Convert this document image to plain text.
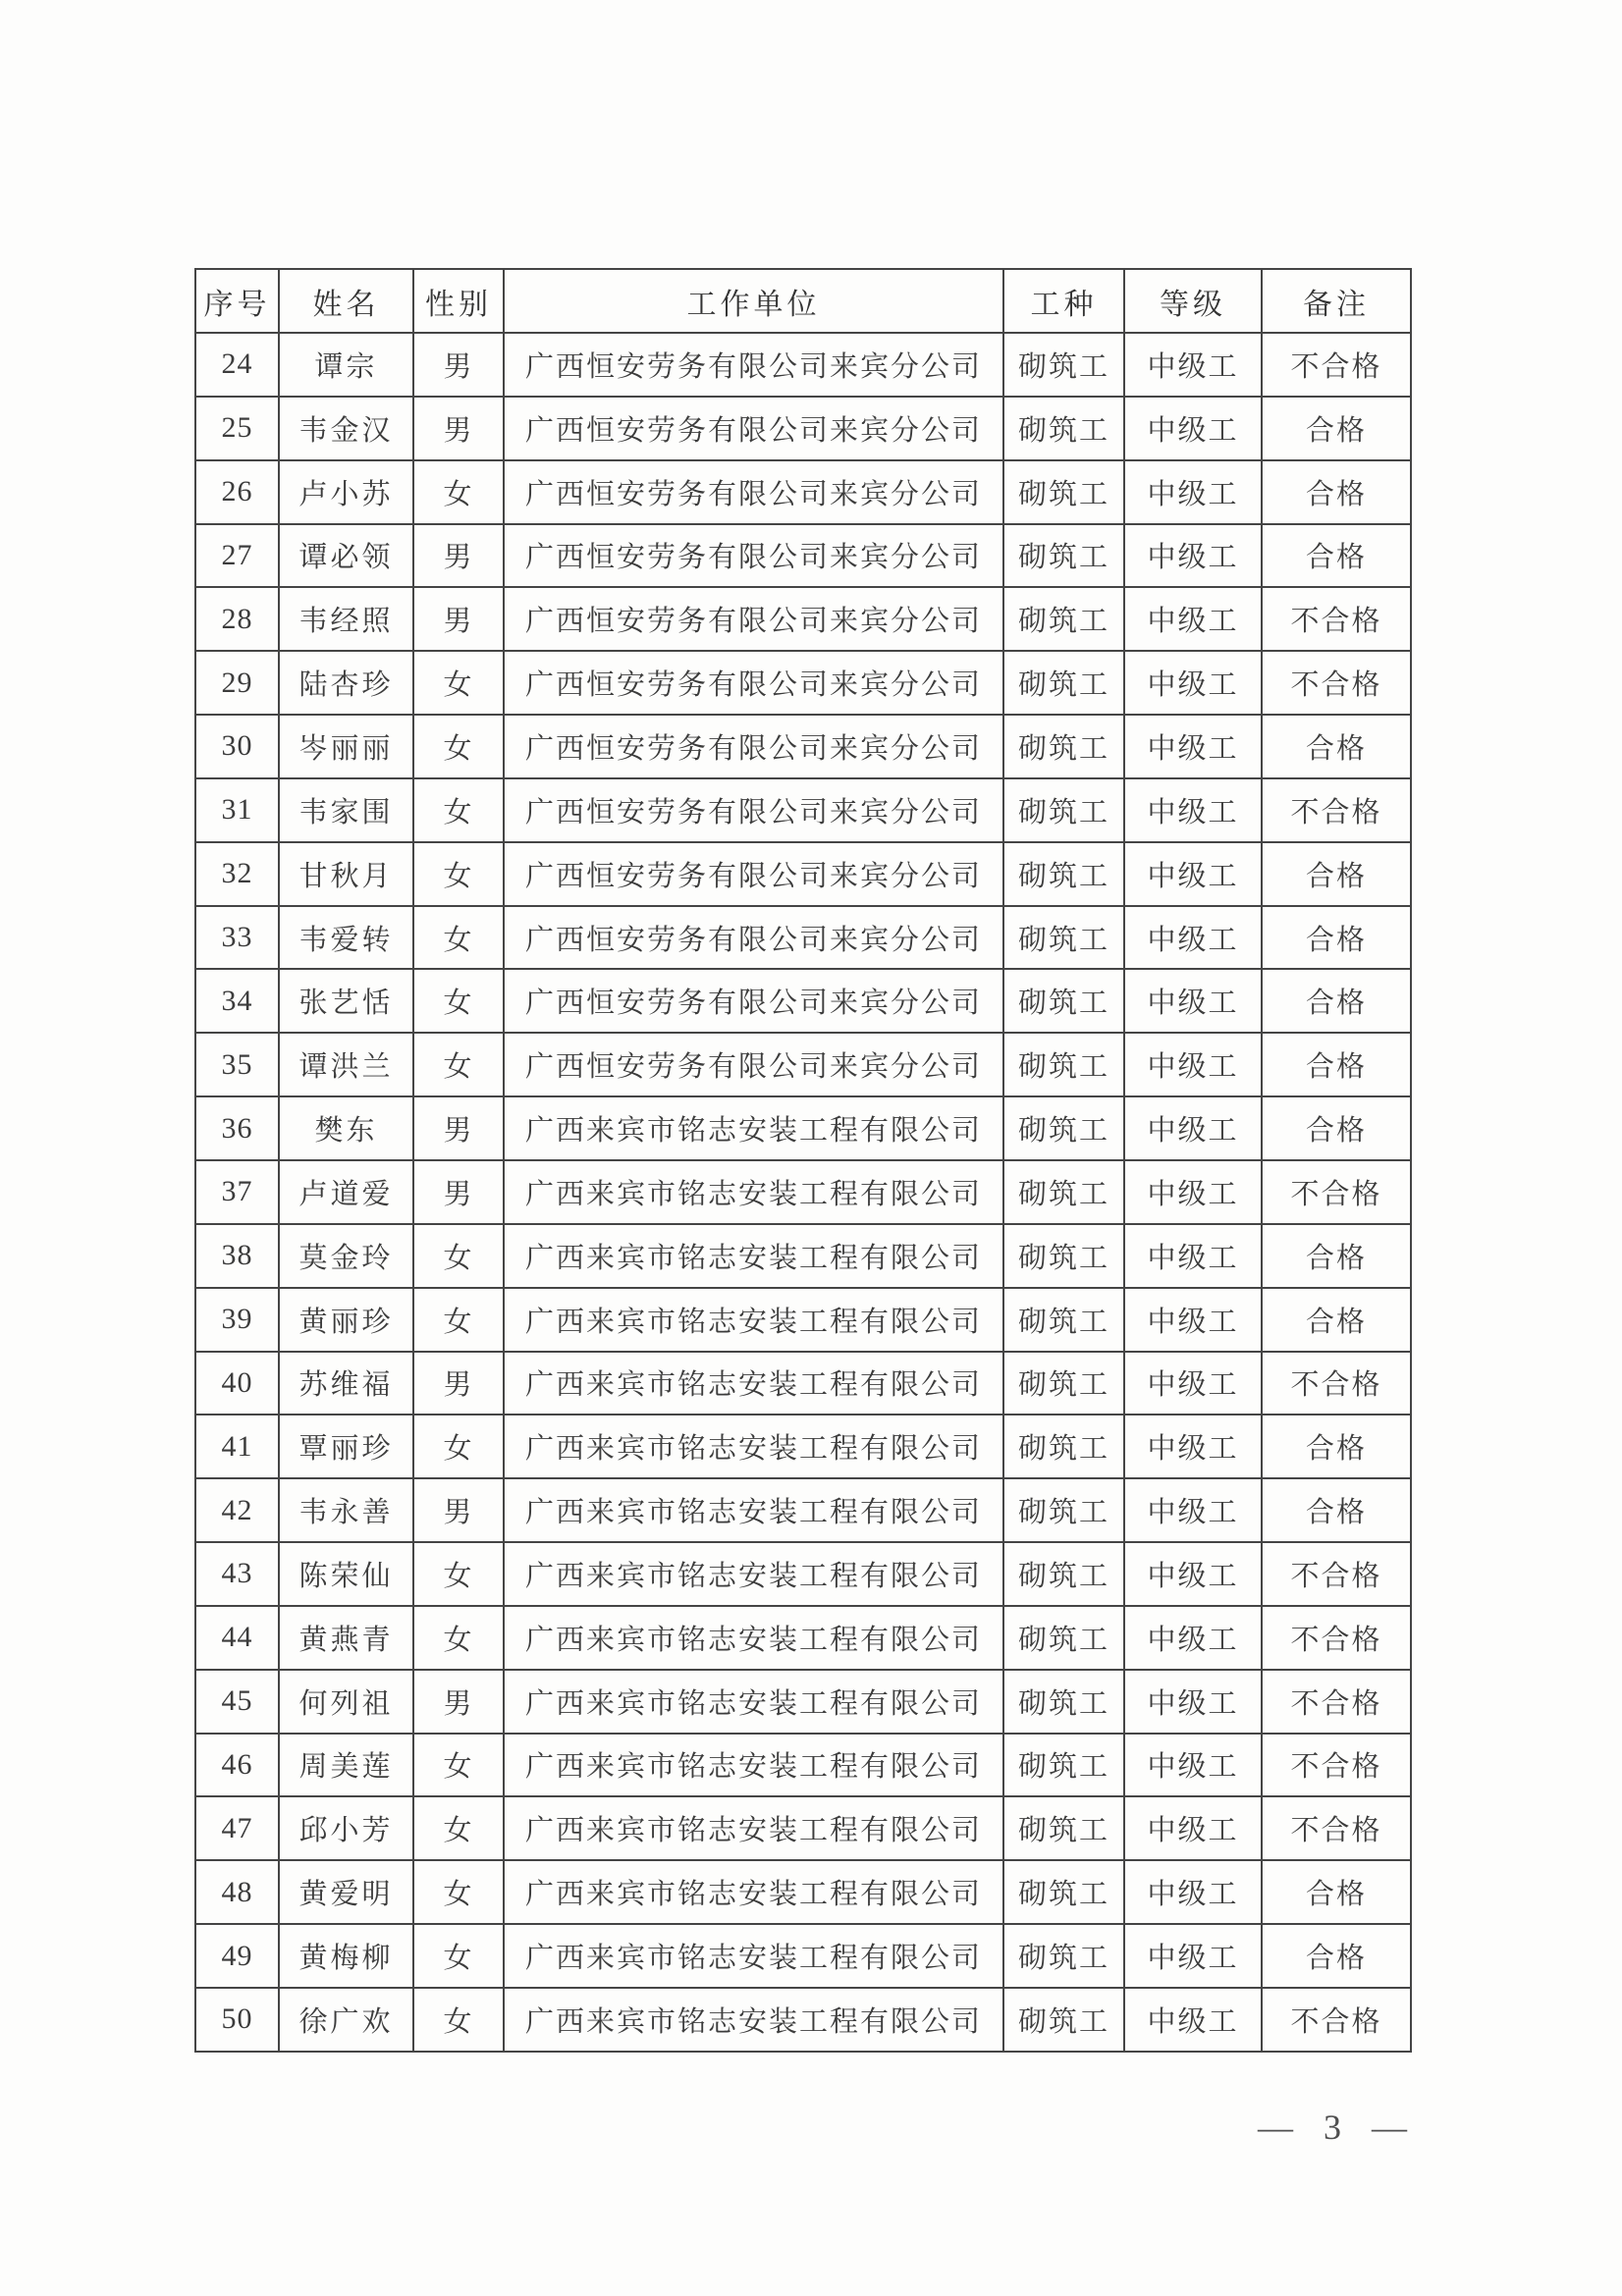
序号	姓名	性别	工作单位	工种	等级	备注
24	谭宗	男	广西恒安劳务有限公司来宾分公司	砌筑工	中级工	不合格
25	韦金汉	男	广西恒安劳务有限公司来宾分公司	砌筑工	中级工	合格
26	卢小苏	女	广西恒安劳务有限公司来宾分公司	砌筑工	中级工	合格
27	谭必领	男	广西恒安劳务有限公司来宾分公司	砌筑工	中级工	合格
28	韦经照	男	广西恒安劳务有限公司来宾分公司	砌筑工	中级工	不合格
29	陆杏珍	女	广西恒安劳务有限公司来宾分公司	砌筑工	中级工	不合格
30	岑丽丽	女	广西恒安劳务有限公司来宾分公司	砌筑工	中级工	合格
31	韦家围	女	广西恒安劳务有限公司来宾分公司	砌筑工	中级工	不合格
32	甘秋月	女	广西恒安劳务有限公司来宾分公司	砌筑工	中级工	合格
33	韦爱转	女	广西恒安劳务有限公司来宾分公司	砌筑工	中级工	合格
34	张艺恬	女	广西恒安劳务有限公司来宾分公司	砌筑工	中级工	合格
35	谭洪兰	女	广西恒安劳务有限公司来宾分公司	砌筑工	中级工	合格
36	樊东	男	广西来宾市铭志安装工程有限公司	砌筑工	中级工	合格
37	卢道爱	男	广西来宾市铭志安装工程有限公司	砌筑工	中级工	不合格
38	莫金玲	女	广西来宾市铭志安装工程有限公司	砌筑工	中级工	合格
39	黄丽珍	女	广西来宾市铭志安装工程有限公司	砌筑工	中级工	合格
40	苏维福	男	广西来宾市铭志安装工程有限公司	砌筑工	中级工	不合格
41	覃丽珍	女	广西来宾市铭志安装工程有限公司	砌筑工	中级工	合格
42	韦永善	男	广西来宾市铭志安装工程有限公司	砌筑工	中级工	合格
43	陈荣仙	女	广西来宾市铭志安装工程有限公司	砌筑工	中级工	不合格
44	黄燕青	女	广西来宾市铭志安装工程有限公司	砌筑工	中级工	不合格
45	何列祖	男	广西来宾市铭志安装工程有限公司	砌筑工	中级工	不合格
46	周美莲	女	广西来宾市铭志安装工程有限公司	砌筑工	中级工	不合格
47	邱小芳	女	广西来宾市铭志安装工程有限公司	砌筑工	中级工	不合格
48	黄爱明	女	广西来宾市铭志安装工程有限公司	砌筑工	中级工	合格
49	黄梅柳	女	广西来宾市铭志安装工程有限公司	砌筑工	中级工	合格
50	徐广欢	女	广西来宾市铭志安装工程有限公司	砌筑工	中级工	不合格
— 3 —
